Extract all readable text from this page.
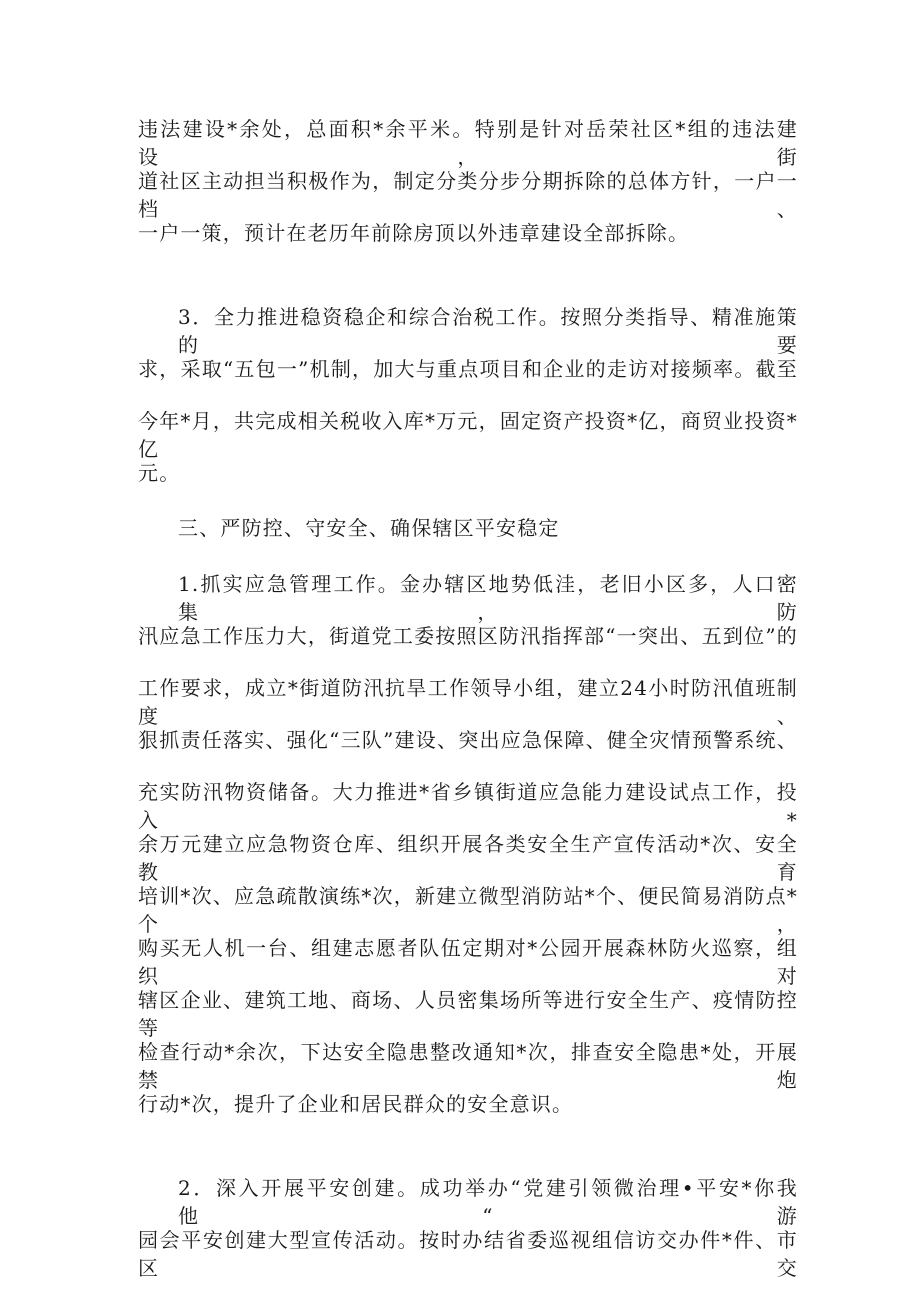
违法建设*余处，总面积*余平米。特别是针对岳荣社区*组的违法建设，街
道社区主动担当积极作为，制定分类分步分期拆除的总体方针，一户一档、
一户一策，预计在老历年前除房顶以外违章建设全部拆除。
3．全力推进稳资稳企和综合治税工作。按照分类指导、精准施策的要
求，采取“五包一”机制，加大与重点项目和企业的走访对接频率。截至
今年*月，共完成相关税收入库*万元，固定资产投资*亿，商贸业投资*亿
元。
三、严防控、守安全、确保辖区平安稳定
1.抓实应急管理工作。金办辖区地势低洼，老旧小区多，人口密集，防
汛应急工作压力大，街道党工委按照区防汛指挥部“一突出、五到位”的
工作要求，成立*街道防汛抗旱工作领导小组，建立24小时防汛值班制度、
狠抓责任落实、强化“三队”建设、突出应急保障、健全灾情预警系统、
充实防汛物资储备。大力推进*省乡镇街道应急能力建设试点工作，投入*
余万元建立应急物资仓库、组织开展各类安全生产宣传活动*次、安全教育
培训*次、应急疏散演练*次，新建立微型消防站*个、便民简易消防点*个，
购买无人机一台、组建志愿者队伍定期对*公园开展森林防火巡察，组织对
辖区企业、建筑工地、商场、人员密集场所等进行安全生产、疫情防控等
检查行动*余次，下达安全隐患整改通知*次，排查安全隐患*处，开展禁炮
行动*次，提升了企业和居民群众的安全意识。
2．深入开展平安创建。成功举办“党建引领微治理•平安*你我他“游
园会平安创建大型宣传活动。按时办结省委巡视组信访交办件*件、市区交
